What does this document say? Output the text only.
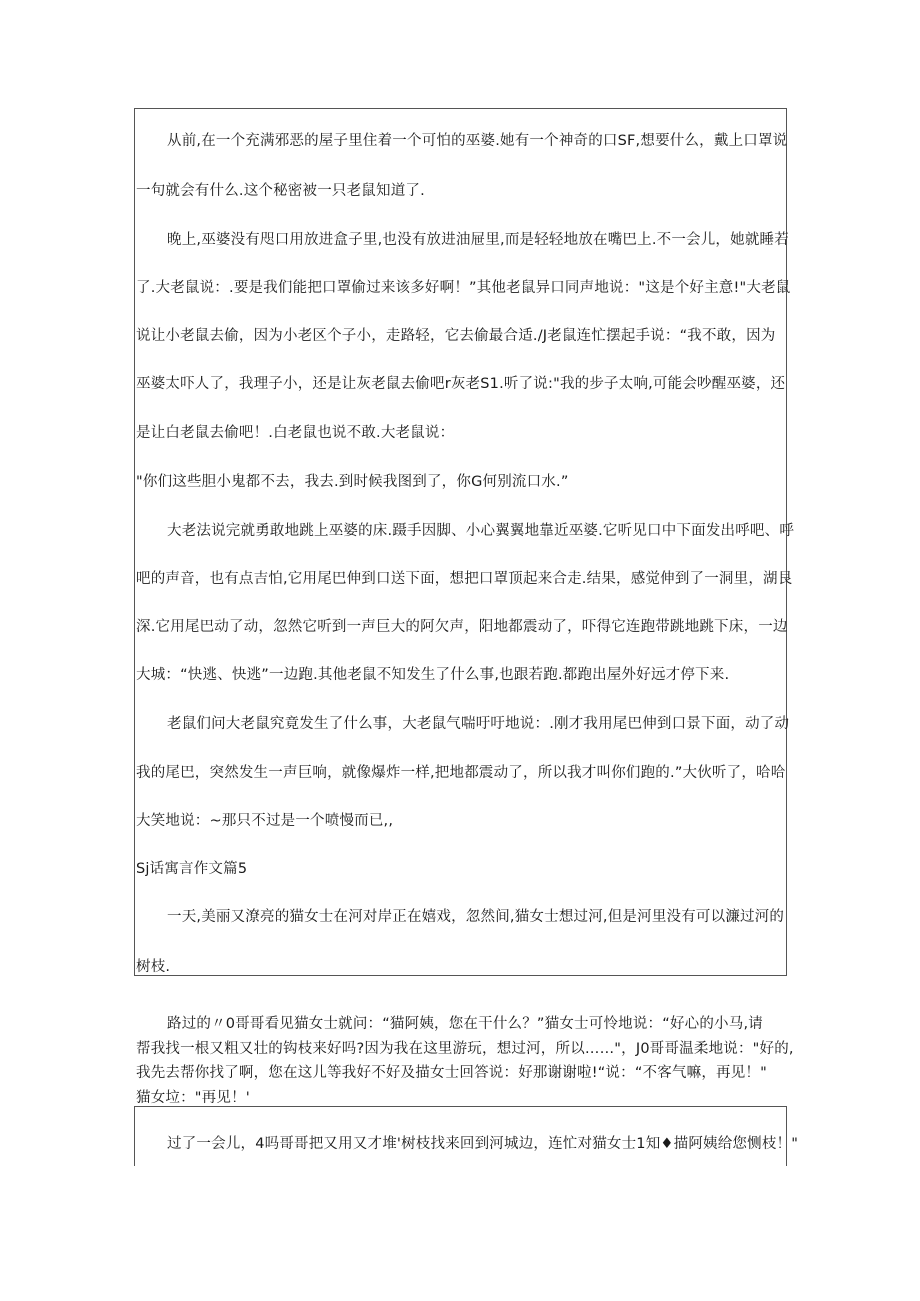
从前,在一个充满邪恶的屋子里住着一个可怕的巫婆.她有一个神奇的口SF,想要什么，戴上口罩说
一句就会有什么.这个秘密被一只老鼠知道了.
晚上,巫婆没有咫口用放进盒子里,也没有放进油屉里,而是轻轻地放在嘴巴上.不一会儿，她就睡若
了.大老鼠说：.要是我们能把口罩偷过来该多好啊！”其他老鼠异口同声地说："这是个好主意!"大老鼠
说让小老鼠去偷，因为小老区个子小，走路轻，它去偷最合适./J老鼠连忙摆起手说：“我不敢，因为
巫婆太吓人了，我理子小，还是让灰老鼠去偷吧r灰老S1.听了说:"我的步子太响,可能会吵醒巫婆，还
是让白老鼠去偷吧！.白老鼠也说不敢.大老鼠说：
"你们这些胆小鬼都不去，我去.到时候我图到了，你G何别流口水.”
大老法说完就勇敢地跳上巫婆的床.蹑手因脚、小心翼翼地靠近巫婆.它听见口中下面发出呼吧、呼
吧的声音，也有点吉怕,它用尾巴伸到口送下面，想把口罩顶起来合走.结果，感觉伸到了一洞里，湖艮
深.它用尾巴动了动，忽然它听到一声巨大的阿欠声，阳地都震动了，吓得它连跑带跳地跳下床，一边
大城：“快逃、快逃”一边跑.其他老鼠不知发生了什么事,也跟若跑.都跑出屋外好远才停下来.
老鼠们问大老鼠究竟发生了什么事，大老鼠气喘吁吁地说：.刚才我用尾巴伸到口景下面，动了动
我的尾巴，突然发生一声巨响，就像爆炸一样,把地都震动了，所以我才叫你们跑的.”大伙听了，哈哈
大笑地说：~那只不过是一个喷慢而已,,
Sj话寓言作文篇5
一天,美丽又潦亮的猫女士在河对岸正在嬉戏，忽然间,猫女士想过河,但是河里没有可以濂过河的
树枝.
路过的〃0哥哥看见猫女士就问：“猫阿姨，您在干什么？”猫女士可怜地说：“好心的小马,请
帮我找一根又粗又壮的钩枝来好吗?因为我在这里游玩，想过河，所以……"，J0哥哥温柔地说："好的,
我先去帮你找了啊，您在这儿等我好不好及描女士回答说：好那谢谢啦!“说：“不客气嘛，再见！"
猫女垃："再见！'
过了一会儿，4吗哥哥把又用又才堆'树枝找来回到河城边，连忙对猫女士1知♦描阿姨给您恻枝！"
